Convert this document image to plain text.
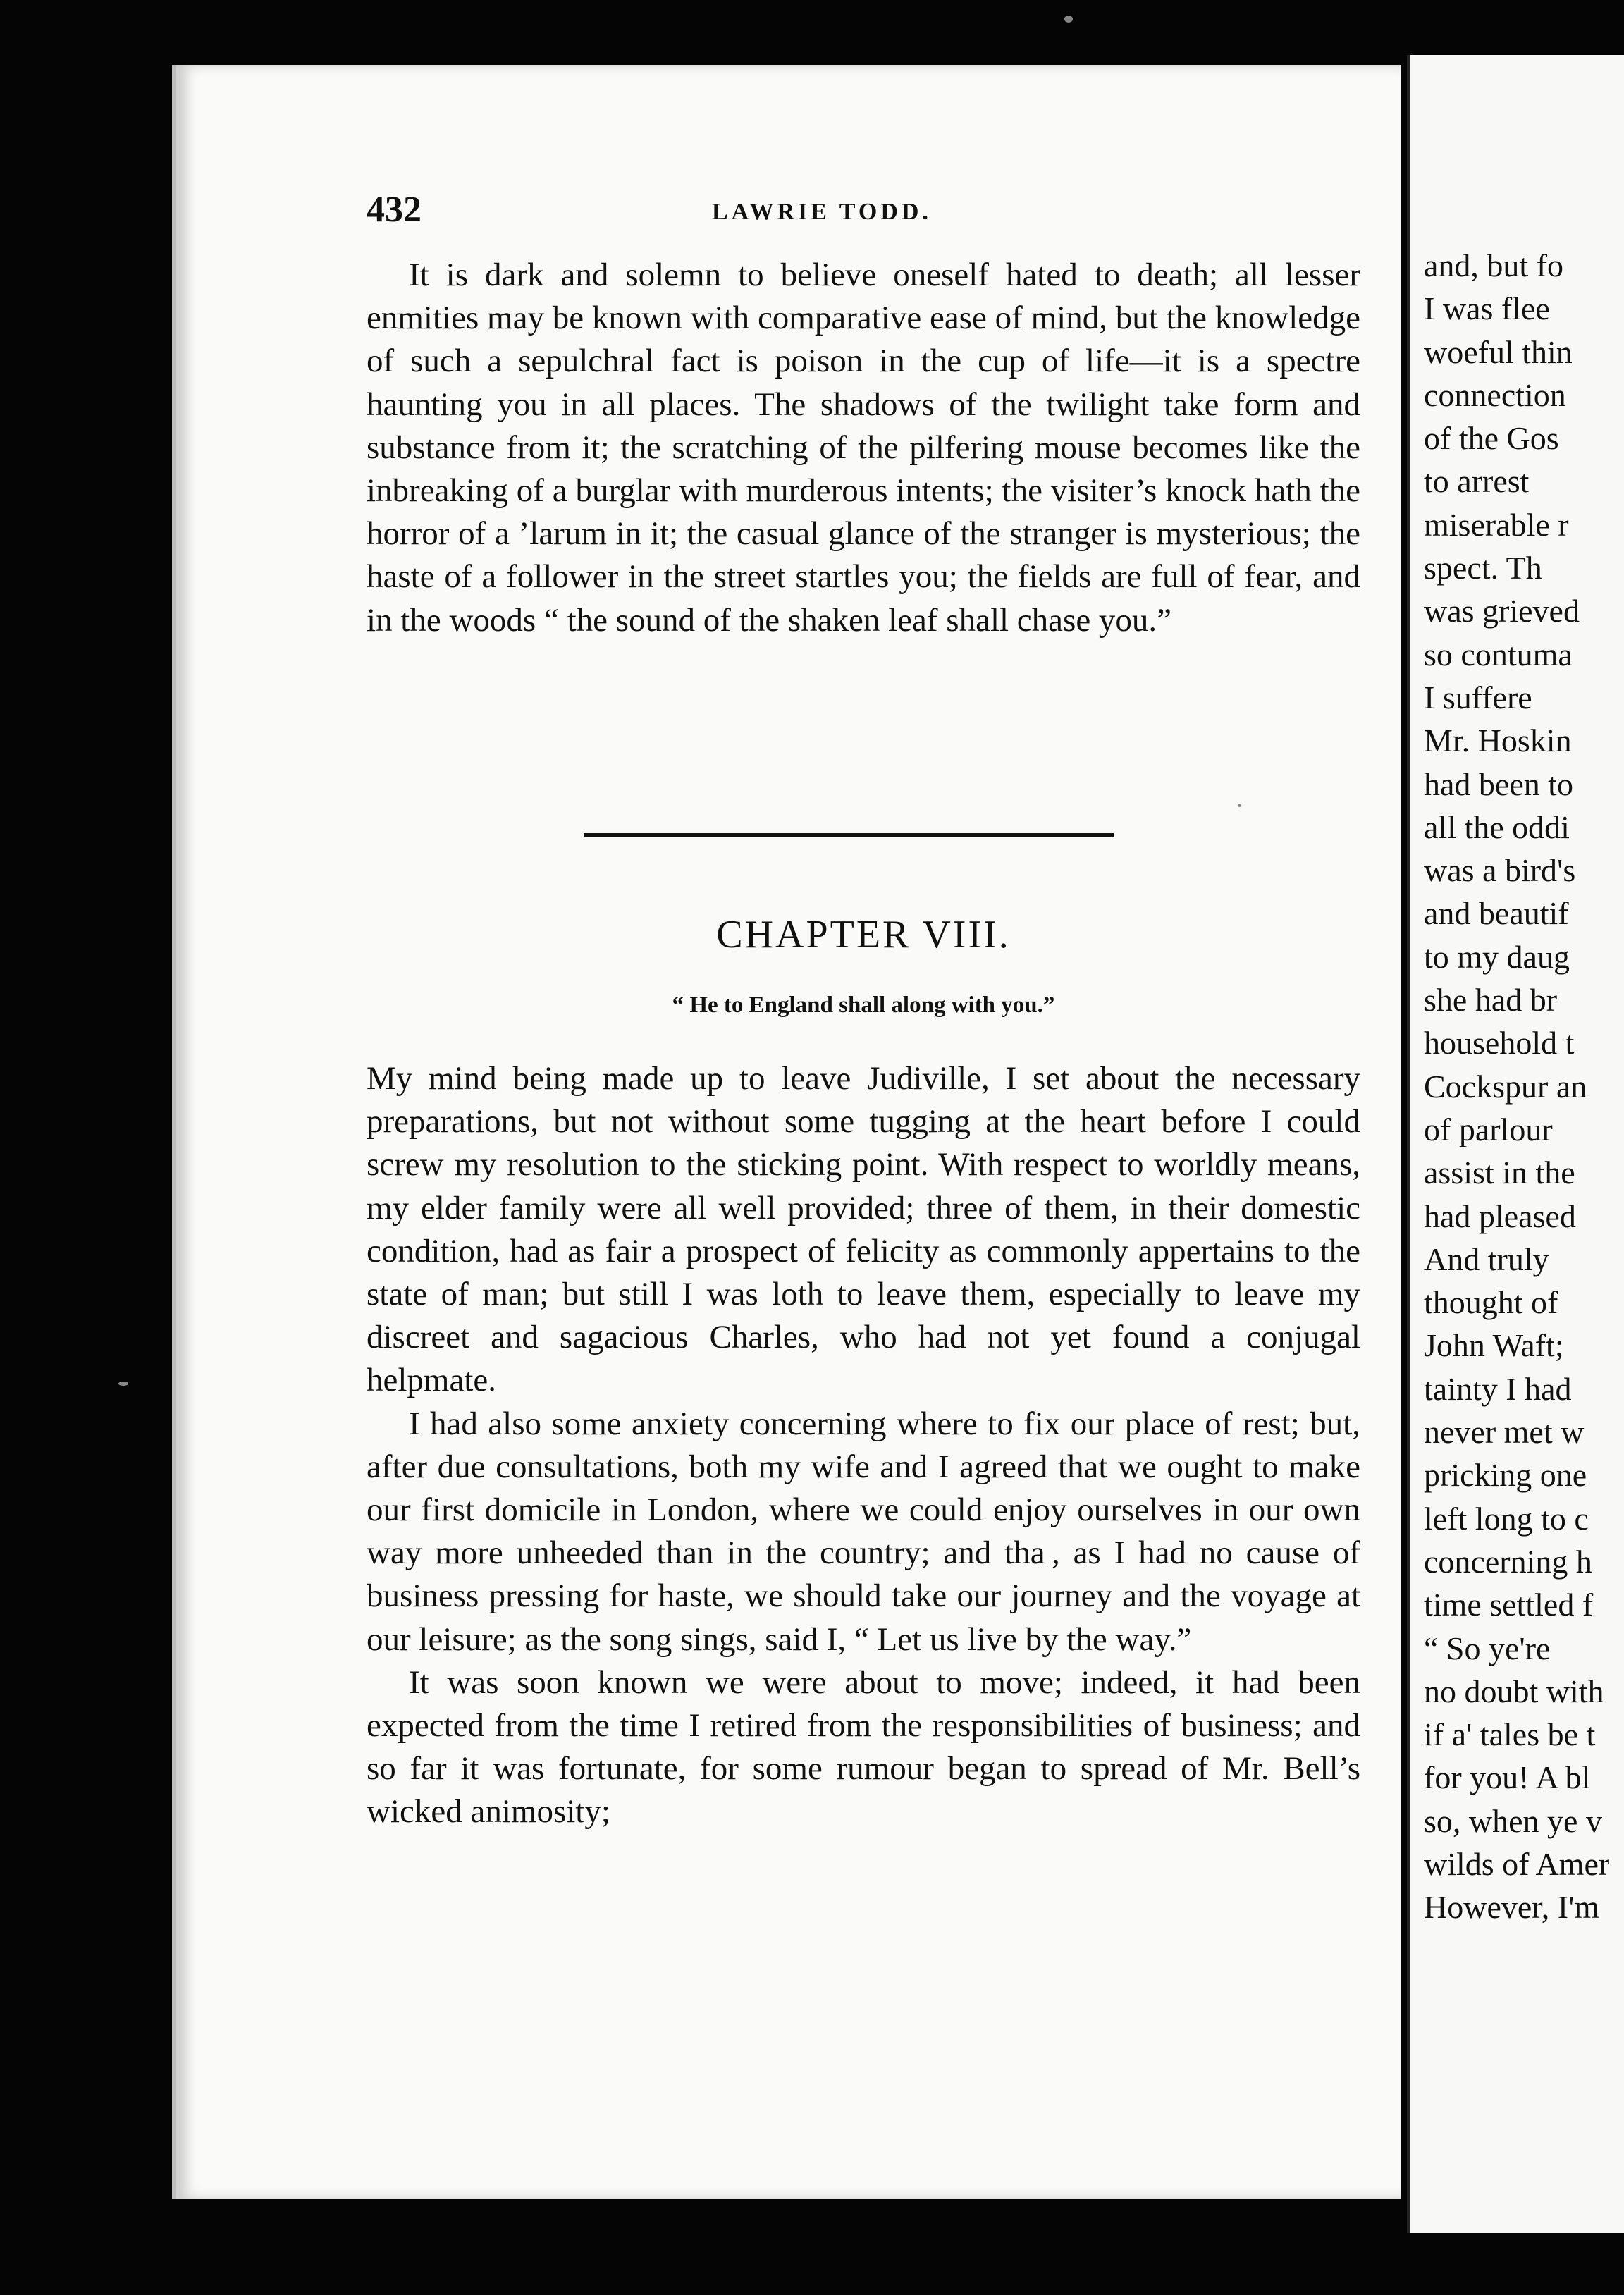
432	LAWRIE TODD.

It is dark and solemn to believe oneself hated to death; all lesser enmities may be known with comparative ease of mind, but the knowledge of such a sepulchral fact is poison in the cup of life—it is a spectre haunting you in all places. The shadows of the twilight take form and substance from it; the scratching of the pilfering mouse becomes like the inbreaking of a burglar with murderous intents; the visiter’s knock hath the horror of a ’larum in it; the casual glance of the stranger is mysterious; the haste of a follower in the street startles you; the fields are full of fear, and in the woods “ the sound of the shaken leaf shall chase you.”

CHAPTER VIII.
“ He to England shall along with you.”

My mind being made up to leave Judiville, I set about the necessary preparations, but not without some tugging at the heart before I could screw my resolution to the sticking point. With respect to worldly means, my elder family were all well provided; three of them, in their domestic condition, had as fair a prospect of felicity as commonly appertains to the state of man; but still I was loth to leave them, especially to leave my discreet and sagacious Charles, who had not yet found a conjugal helpmate.

I had also some anxiety concerning where to fix our place of rest; but, after due consultations, both my wife and I agreed that we ought to make our first domicile in London, where we could enjoy ourselves in our own way more unheeded than in the country; and tha , as I had no cause of business pressing for haste, we should take our journey and the voyage at our leisure; as the song sings, said I, “ Let us live by the way.”

It was soon known we were about to move; indeed, it had been expected from the time I retired from the responsibilities of business; and so far it was fortunate, for some rumour began to spread of Mr. Bell’s wicked animosity;

and, but fo
I was flee
woeful thin
connection
of the Gos
to arrest
miserable r
spect. Th
was grieved
so contuma
I suffere
Mr. Hoskin
had been to
all the oddi
was a bird's
and beautif
to my daug
she had br
household t
Cockspur an
of parlour
assist in the
had pleased
And truly
thought of
John Waft;
tainty I had
never met w
pricking one
left long to c
concerning h
time settled f
“ So ye're
no doubt with
if a' tales be t
for you! A bl
so, when ye v
wilds of Amer
However, I'm
